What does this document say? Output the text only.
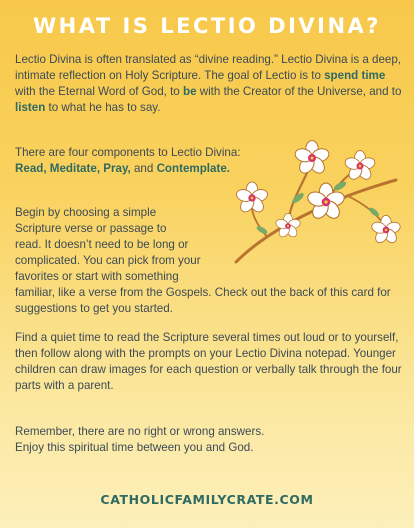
WHAT IS LECTIO DIVINA?

Lectio Divina is often translated as “divine reading.” Lectio Divina is a deep, intimate reflection on Holy Scripture. The goal of Lectio is to spend time with the Eternal Word of God, to be with the Creator of the Universe, and to listen to what he has to say.

There are four components to Lectio Divina: Read, Meditate, Pray, and Contemplate.

Begin by choosing a simple
Scripture verse or passage to
read. It doesn’t need to be long or
complicated. You can pick from your
favorites or start with something
familiar, like a verse from the Gospels. Check out the back of this card for suggestions to get you started.

Find a quiet time to read the Scripture several times out loud or to yourself, then follow along with the prompts on your Lectio Divina notepad. Younger children can draw images for each question or verbally talk through the four parts with a parent.

Remember, there are no right or wrong answers.
Enjoy this spiritual time between you and God.

CATHOLICFAMILYCRATE.COM
